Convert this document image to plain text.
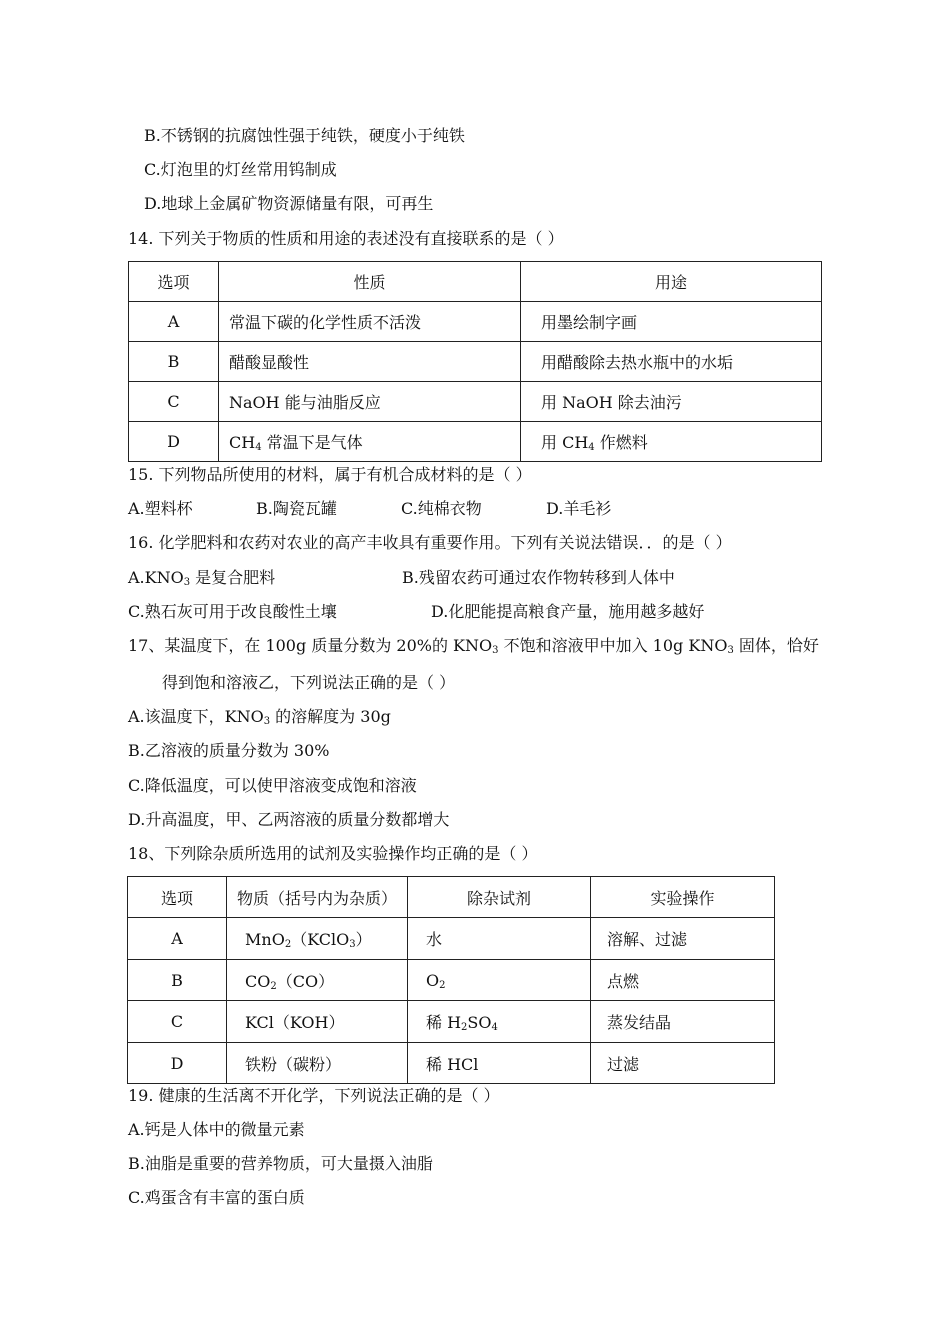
B.不锈钢的抗腐蚀性强于纯铁，硬度小于纯铁
C.灯泡里的灯丝常用钨制成
D.地球上金属矿物资源储量有限，可再生
14. 下列关于物质的性质和用途的表述没有直接联系的是（ ）
选项	性质	用途
A	常温下碳的化学性质不活泼	用墨绘制字画
B	醋酸显酸性	用醋酸除去热水瓶中的水垢
C	NaOH 能与油脂反应	用 NaOH 除去油污
D	$CH_4$ 常温下是气体	用 $CH_4$ 作燃料
15. 下列物品所使用的材料，属于有机合成材料的是（ ）
A.塑料杯	B.陶瓷瓦罐	C.纯棉衣物	D.羊毛衫
16. 化学肥料和农药对农业的高产丰收具有重要作用。下列有关说法错误．．的是（ ）
$A.KNO_3$ 是复合肥料	B.残留农药可通过农作物转移到人体中
C.熟石灰可用于改良酸性土壤	D.化肥能提高粮食产量，施用越多越好
17、某温度下，在 100g 质量分数为 20%的 $KNO_3$ 不饱和溶液甲中加入 10g $KNO_3$ 固体，恰好
得到饱和溶液乙，下列说法正确的是（ ）
A.该温度下，$KNO_3$ 的溶解度为 30g
B.乙溶液的质量分数为 30%
C.降低温度，可以使甲溶液变成饱和溶液
D.升高温度，甲、乙两溶液的质量分数都增大
18、下列除杂质所选用的试剂及实验操作均正确的是（ ）
选项	物质（括号内为杂质）	除杂试剂	实验操作
A	MnO$_2$（KClO$_3$）	水	溶解、过滤
B	$CO_2(CO)$	$O_2$	点燃
C	KCl（KOH）	稀 $H_2SO_4$	蒸发结晶
D	铁粉（碳粉）	稀 HCl	过滤
19. 健康的生活离不开化学，下列说法正确的是（ ）
A.钙是人体中的微量元素
B.油脂是重要的营养物质，可大量摄入油脂
C.鸡蛋含有丰富的蛋白质
